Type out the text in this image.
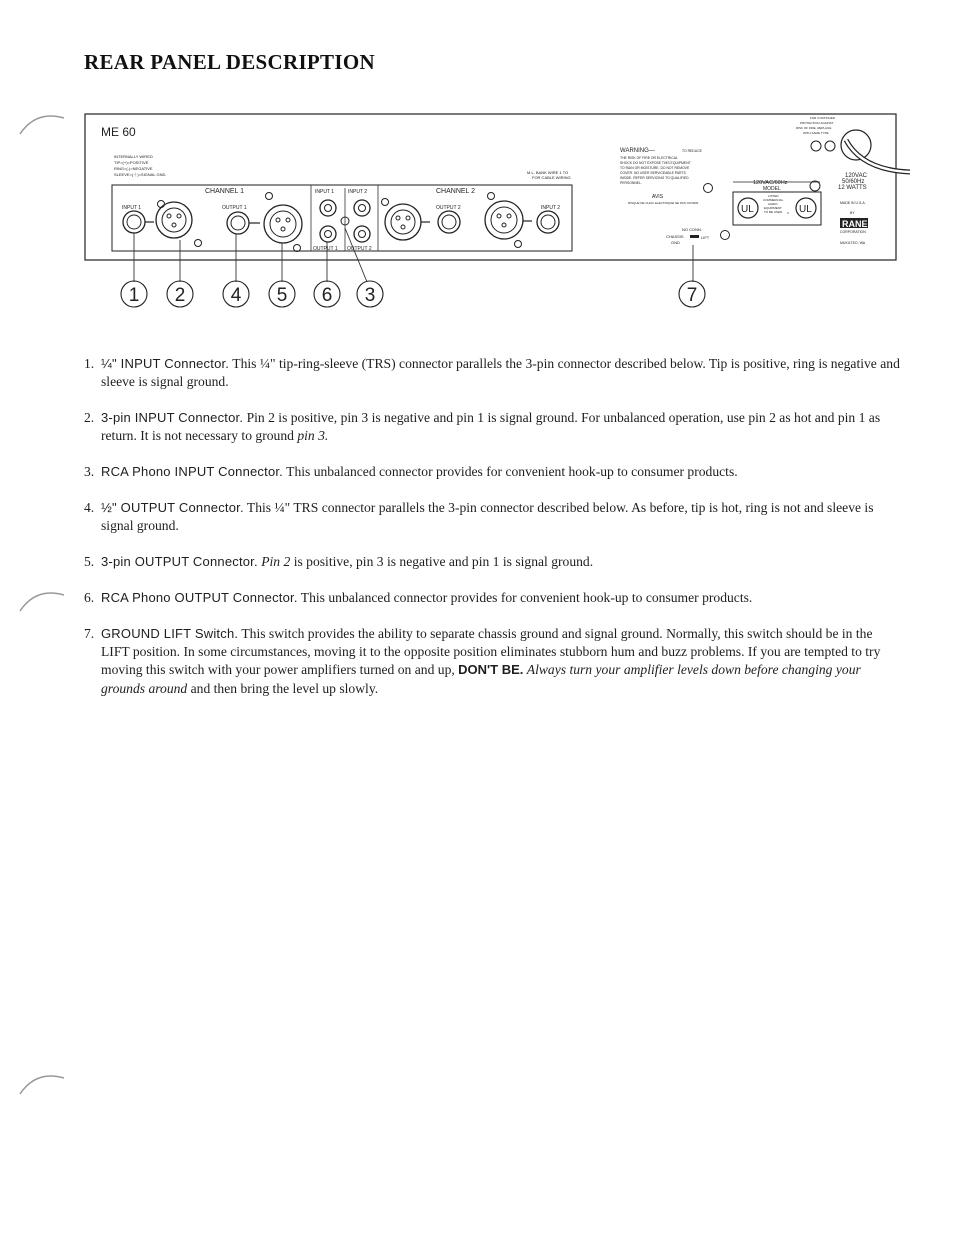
REAR PANEL DESCRIPTION
ME 60
INTERNALLY WIRED
TIP=(+)=POSITIVE
RING=(-)=NEGATIVE
SLEEVE=(⏚)=SIGNAL GND.	M.L. BANK WIRE 1 TO
FOR CABLE WIRING
CHANNEL 1	CHANNEL 2
INPUT 1	OUTPUT 1
INPUT 1	INPUT 2
OUTPUT 1 OUTPUT 2
OUTPUT 2	INPUT 2
WARNING—	TO REDUCE
THE RISK OF FIRE OR ELECTRICAL
SHOCK DO NOT EXPOSE THIS EQUIPMENT
TO RAIN OR MOISTURE. DO NOT REMOVE
COVER. NO USER SERVICEABLE PARTS
INSIDE. REFER SERVICING TO QUALIFIED
PERSONNEL.
AVIS
RISQUE DE CHOC ELECTRIQUE NE PAS OUVRIR
NO CONN.
CHASSIS	LIFT
GND
120VAC/60Hz
MODEL
UL	UL
LISTED
COMMERCIAL
AUDIO
EQUIPMENT
TO BE USED C
FOR CONTINUED
PROTECTION AGAINST
RISK OF FIRE, REPLACE
WITH SAME TYPE
120VAC
50/60Hz
12 WATTS
MADE IN U.S.A.
BY
RANE
CORPORATION
MUKILTEO, WA
1 2 4 5 6 3	7
1. ¼" INPUT Connector. This ¼" tip-ring-sleeve (TRS) connector parallels the 3-pin connector described below. Tip is positive, ring is negative and sleeve is signal ground.
2. 3-pin INPUT Connector. Pin 2 is positive, pin 3 is negative and pin 1 is signal ground. For unbalanced operation, use pin 2 as hot and pin 1 as return. It is not necessary to ground pin 3.
3. RCA Phono INPUT Connector. This unbalanced connector provides for convenient hook-up to consumer products.
4. ½" OUTPUT Connector. This ¼" TRS connector parallels the 3-pin connector described below. As before, tip is hot, ring is not and sleeve is signal ground.
5. 3-pin OUTPUT Connector. Pin 2 is positive, pin 3 is negative and pin 1 is signal ground.
6. RCA Phono OUTPUT Connector. This unbalanced connector provides for convenient hook-up to consumer products.
7. GROUND LIFT Switch. This switch provides the ability to separate chassis ground and signal ground. Normally, this switch should be in the LIFT position. In some circumstances, moving it to the opposite position eliminates stubborn hum and buzz problems. If you are tempted to try moving this switch with your power amplifiers turned on and up, DON'T BE. Always turn your amplifier levels down before changing your grounds around and then bring the level up slowly.
